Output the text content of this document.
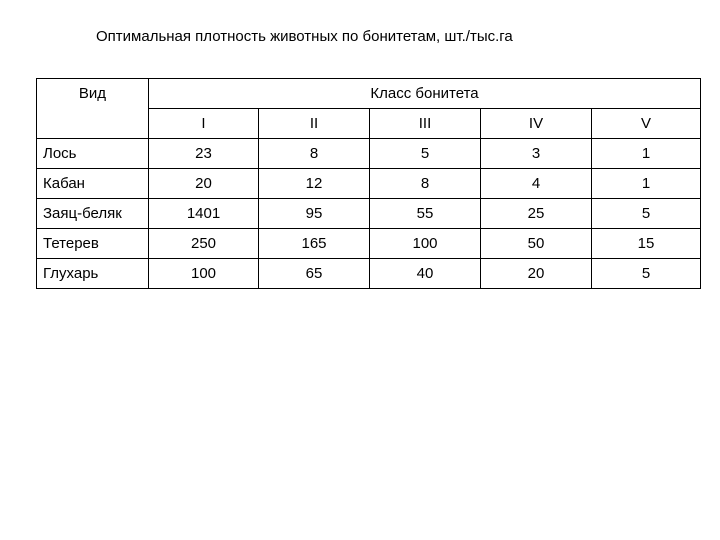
Оптимальная плотность животных по бонитетам, шт./тыс.га
Вид	Класс бонитета				
	I	II	III	IV	V
Лось	23	8	5	3	1
Кабан	20	12	8	4	1
Заяц-беляк	1401	95	55	25	5
Тетерев	250	165	100	50	15
Глухарь	100	65	40	20	5
